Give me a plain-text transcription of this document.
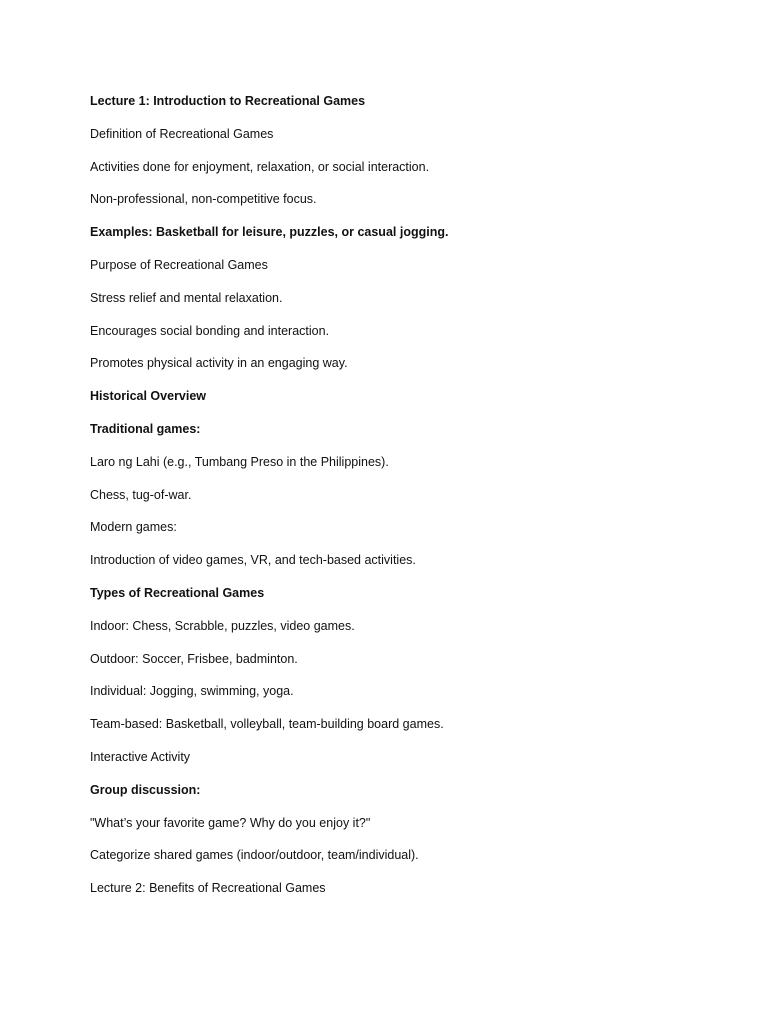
Lecture 1: Introduction to Recreational Games
Definition of Recreational Games
Activities done for enjoyment, relaxation, or social interaction.
Non-professional, non-competitive focus.
Examples: Basketball for leisure, puzzles, or casual jogging.
Purpose of Recreational Games
Stress relief and mental relaxation.
Encourages social bonding and interaction.
Promotes physical activity in an engaging way.
Historical Overview
Traditional games:
Laro ng Lahi (e.g., Tumbang Preso in the Philippines).
Chess, tug-of-war.
Modern games:
Introduction of video games, VR, and tech-based activities.
Types of Recreational Games
Indoor: Chess, Scrabble, puzzles, video games.
Outdoor: Soccer, Frisbee, badminton.
Individual: Jogging, swimming, yoga.
Team-based: Basketball, volleyball, team-building board games.
Interactive Activity
Group discussion:
"What’s your favorite game? Why do you enjoy it?"
Categorize shared games (indoor/outdoor, team/individual).
Lecture 2: Benefits of Recreational Games
